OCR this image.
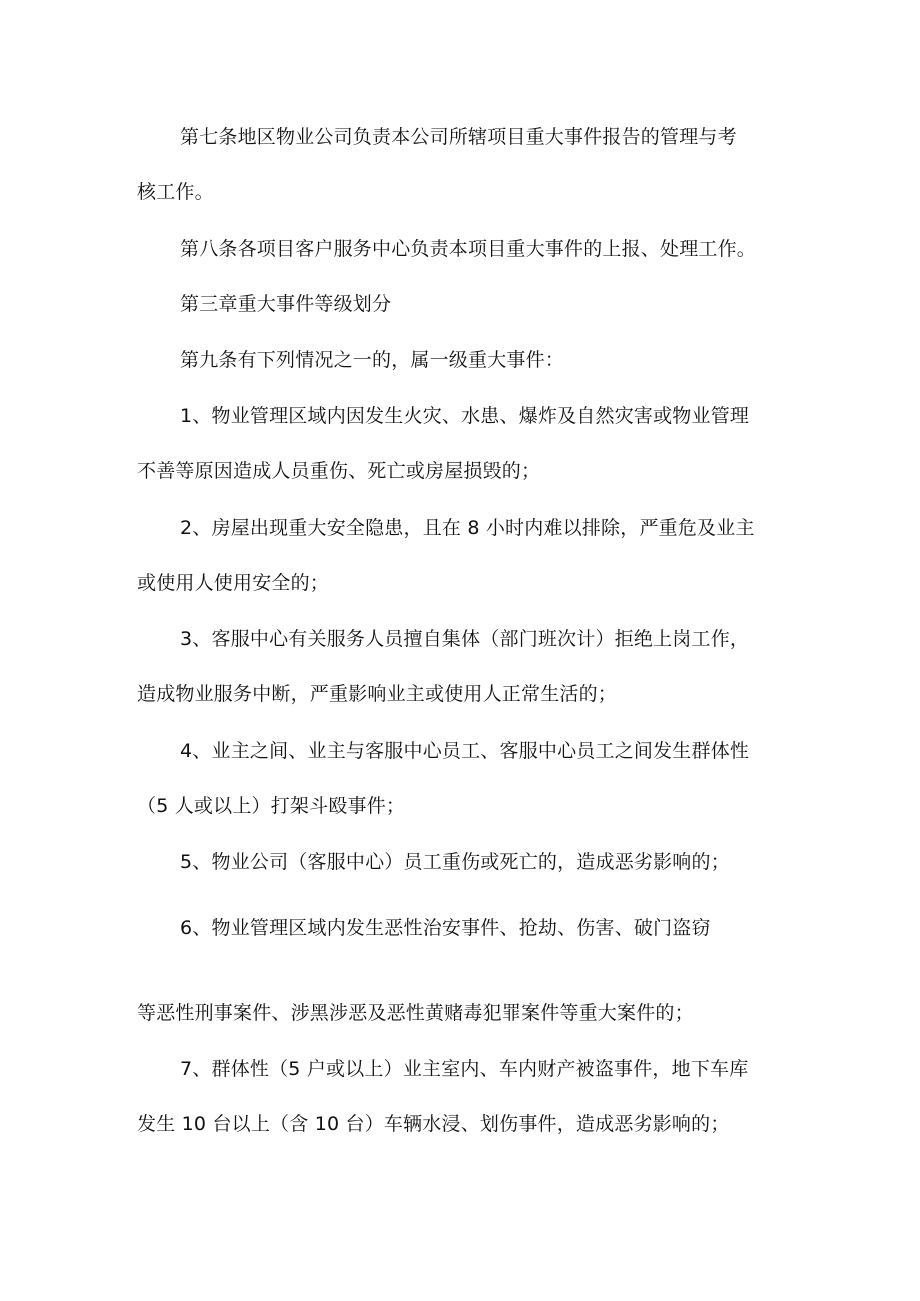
第七条地区物业公司负责本公司所辖项目重大事件报告的管理与考
核工作。
第八条各项目客户服务中心负责本项目重大事件的上报、处理工作。
第三章重大事件等级划分
第九条有下列情况之一的，属一级重大事件：
1、物业管理区域内因发生火灾、水患、爆炸及自然灾害或物业管理
不善等原因造成人员重伤、死亡或房屋损毁的；
2、房屋出现重大安全隐患，且在 8 小时内难以排除，严重危及业主
或使用人使用安全的；
3、客服中心有关服务人员擅自集体（部门班次计）拒绝上岗工作，
造成物业服务中断，严重影响业主或使用人正常生活的；
4、业主之间、业主与客服中心员工、客服中心员工之间发生群体性
（5 人或以上）打架斗殴事件；
5、物业公司（客服中心）员工重伤或死亡的，造成恶劣影响的；
6、物业管理区域内发生恶性治安事件、抢劫、伤害、破门盗窃
等恶性刑事案件、涉黑涉恶及恶性黄赌毒犯罪案件等重大案件的；
7、群体性（5 户或以上）业主室内、车内财产被盗事件，地下车库
发生 10 台以上（含 10 台）车辆水浸、划伤事件，造成恶劣影响的；
